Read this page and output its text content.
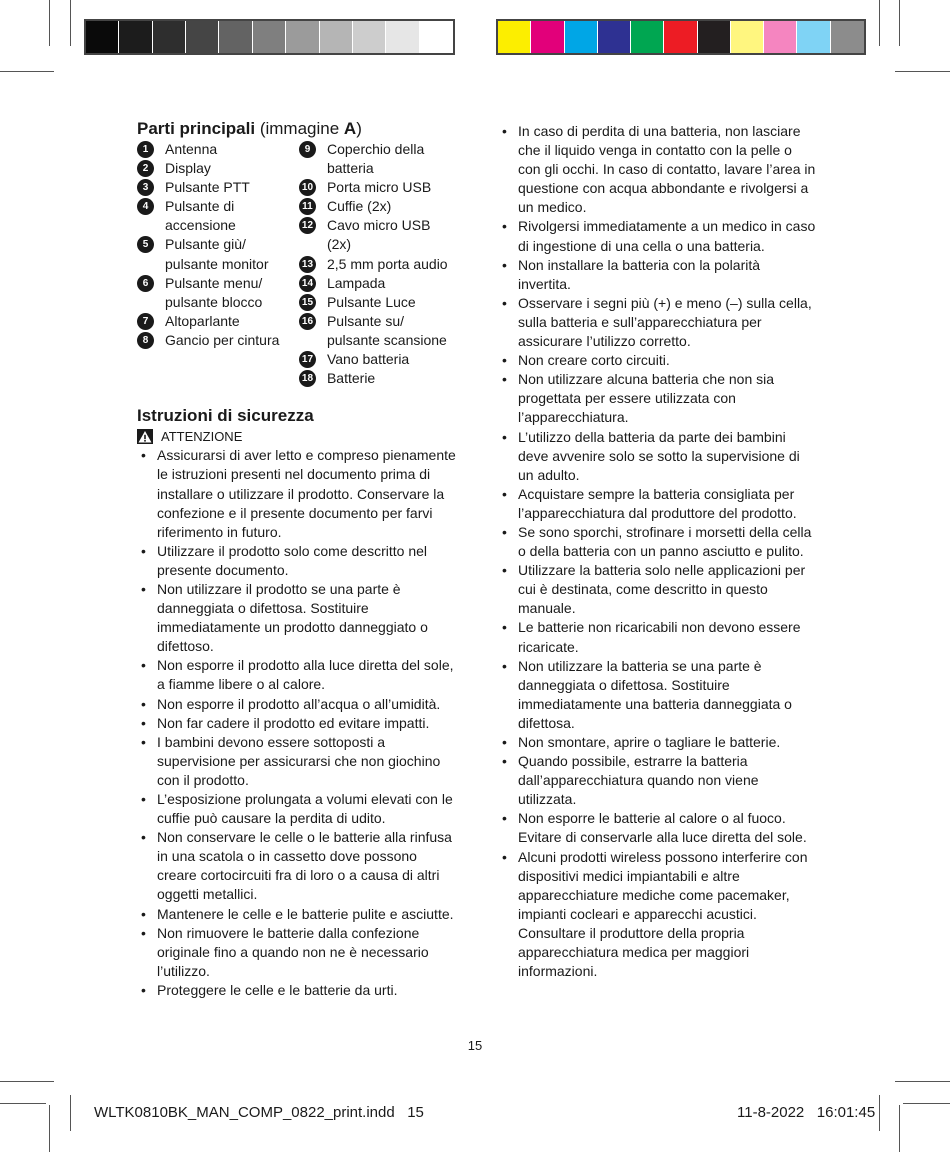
Parti principali (immagine A)
1	Antenna
2	Display
3	Pulsante PTT
4	Pulsante di accensione
5	Pulsante giù/ pulsante monitor
6	Pulsante menu/ pulsante blocco
7	Altoparlante
8	Gancio per cintura
9	Coperchio della batteria
10 Porta micro USB
11 Cuffie (2x)
12 Cavo micro USB (2x)
13 2,5 mm porta audio
14 Lampada
15 Pulsante Luce
16 Pulsante su/ pulsante scansione
17 Vano batteria
18 Batterie
Istruzioni di sicurezza
ATTENZIONE
• Assicurarsi di aver letto e compreso pienamente le istruzioni presenti nel documento prima di installare o utilizzare il prodotto. Conservare la confezione e il presente documento per farvi riferimento in futuro.
• Utilizzare il prodotto solo come descritto nel presente documento.
• Non utilizzare il prodotto se una parte è danneggiata o difettosa. Sostituire immediatamente un prodotto danneggiato o difettoso.
• Non esporre il prodotto alla luce diretta del sole, a fiamme libere o al calore.
• Non esporre il prodotto all’acqua o all’umidità.
• Non far cadere il prodotto ed evitare impatti.
• I bambini devono essere sottoposti a supervisione per assicurarsi che non giochino con il prodotto.
• L’esposizione prolungata a volumi elevati con le cuffie può causare la perdita di udito.
• Non conservare le celle o le batterie alla rinfusa in una scatola o in cassetto dove possono creare cortocircuiti fra di loro o a causa di altri oggetti metallici.
• Mantenere le celle e le batterie pulite e asciutte.
• Non rimuovere le batterie dalla confezione originale fino a quando non ne è necessario l’utilizzo.
• Proteggere le celle e le batterie da urti.
• In caso di perdita di una batteria, non lasciare che il liquido venga in contatto con la pelle o con gli occhi. In caso di contatto, lavare l’area in questione con acqua abbondante e rivolgersi a un medico.
• Rivolgersi immediatamente a un medico in caso di ingestione di una cella o una batteria.
• Non installare la batteria con la polarità invertita.
• Osservare i segni più (+) e meno (–) sulla cella, sulla batteria e sull’apparecchiatura per assicurare l’utilizzo corretto.
• Non creare corto circuiti.
• Non utilizzare alcuna batteria che non sia progettata per essere utilizzata con l’apparecchiatura.
• L’utilizzo della batteria da parte dei bambini deve avvenire solo se sotto la supervisione di un adulto.
• Acquistare sempre la batteria consigliata per l’apparecchiatura dal produttore del prodotto.
• Se sono sporchi, strofinare i morsetti della cella o della batteria con un panno asciutto e pulito.
• Utilizzare la batteria solo nelle applicazioni per cui è destinata, come descritto in questo manuale.
• Le batterie non ricaricabili non devono essere ricaricate.
• Non utilizzare la batteria se una parte è danneggiata o difettosa. Sostituire immediatamente una batteria danneggiata o difettosa.
• Non smontare, aprire o tagliare le batterie.
• Quando possibile, estrarre la batteria dall’apparecchiatura quando non viene utilizzata.
• Non esporre le batterie al calore o al fuoco. Evitare di conservarle alla luce diretta del sole.
• Alcuni prodotti wireless possono interferire con dispositivi medici impiantabili e altre apparecchiature mediche come pacemaker, impianti cocleari e apparecchi acustici. Consultare il produttore della propria apparecchiatura medica per maggiori informazioni.
15
WLTK0810BK_MAN_COMP_0822_print.indd   15	11-8-2022   16:01:45
